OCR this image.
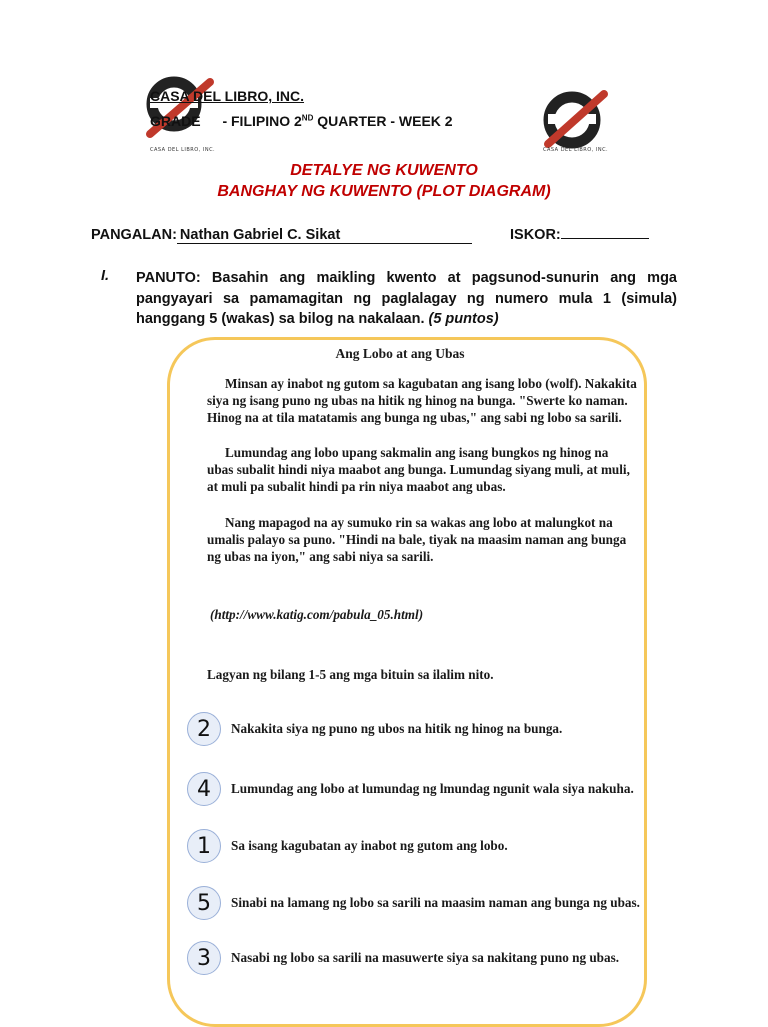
CASA DEL LIBRO, INC.	CASA DEL LIBRO, INC.
CASA DEL LIBRO, INC.
GRADE - FILIPINO 2ND QUARTER - WEEK 2
DETALYE NG KUWENTO
BANGHAY NG KUWENTO (PLOT DIAGRAM)
PANGALAN: Nathan Gabriel C. Sikat	ISKOR:
I. PANUTO: Basahin ang maikling kwento at pagsunod-sunurin ang mga pangyayari sa pamamagitan ng paglalagay ng numero mula 1 (simula) hanggang 5 (wakas) sa bilog na nakalaan. (5 puntos)
Ang Lobo at ang Ubas

Minsan ay inabot ng gutom sa kagubatan ang isang lobo (wolf). Nakakita siya ng isang puno ng ubas na hitik ng hinog na bunga. "Swerte ko naman. Hinog na at tila matatamis ang bunga ng ubas," ang sabi ng lobo sa sarili.

Lumundag ang lobo upang sakmalin ang isang bungkos ng hinog na ubas subalit hindi niya maabot ang bunga. Lumundag siyang muli, at muli, at muli pa subalit hindi pa rin niya maabot ang ubas.

Nang mapagod na ay sumuko rin sa wakas ang lobo at malungkot na umalis palayo sa puno. "Hindi na bale, tiyak na maasim naman ang bunga ng ubas na iyon," ang sabi niya sa sarili.

(http://www.katig.com/pabula_05.html)
Lagyan ng bilang 1-5 ang mga bituin sa ilalim nito.
2	Nakakita siya ng puno ng ubos na hitik ng hinog na bunga.
4	Lumundag ang lobo at lumundag ng lmundag ngunit wala siya nakuha.
1	Sa isang kagubatan ay inabot ng gutom ang lobo.
5	Sinabi na lamang ng lobo sa sarili na maasim naman ang bunga ng ubas.
3	Nasabi ng lobo sa sarili na masuwerte siya sa nakitang puno ng ubas.
